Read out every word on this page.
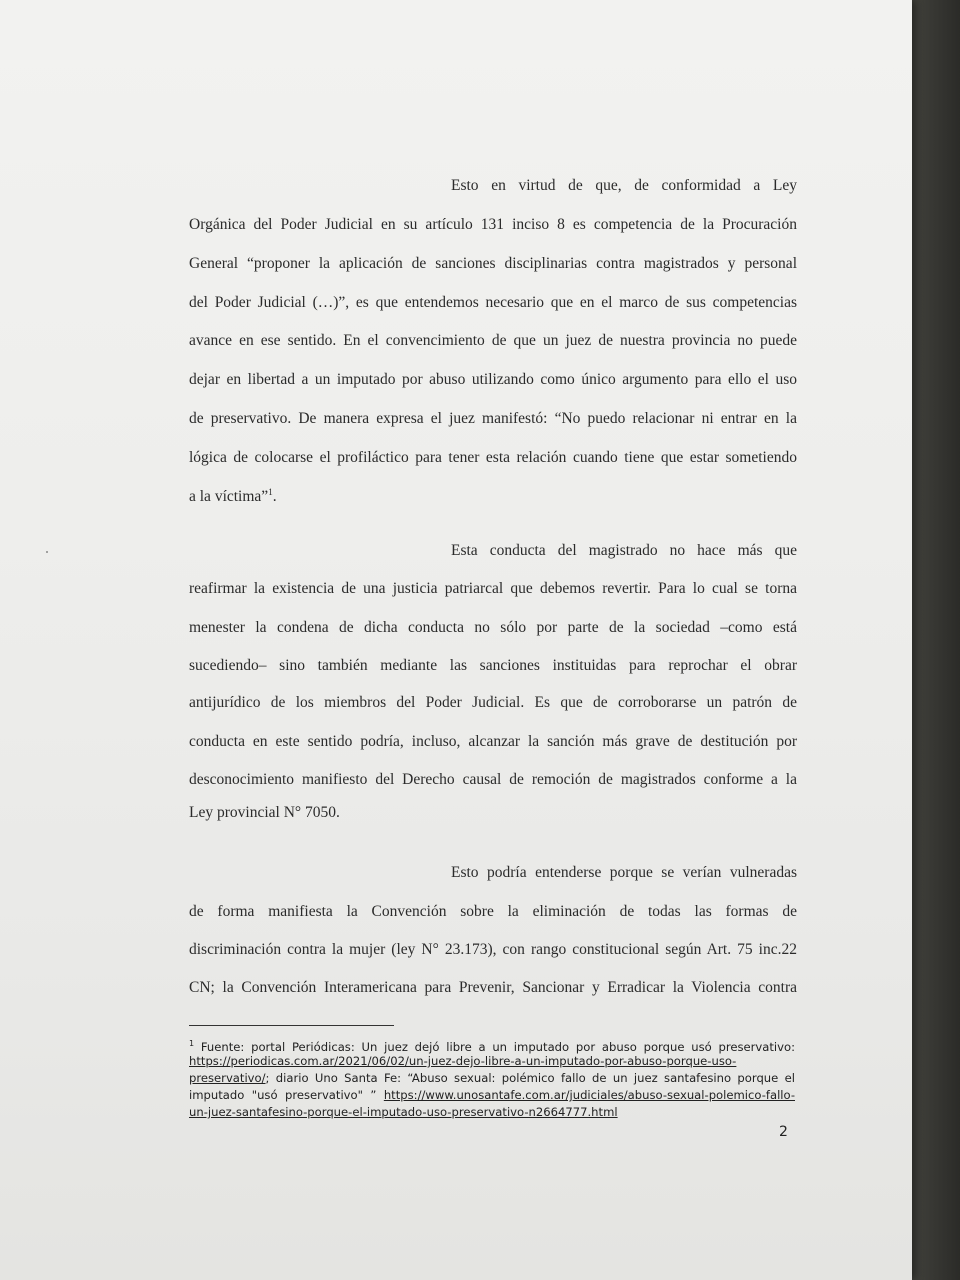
Esto en virtud de que, de conformidad a Ley
Orgánica del Poder Judicial en su artículo 131 inciso 8 es competencia de la Procuración
General “proponer la aplicación de sanciones disciplinarias contra magistrados y personal
del Poder Judicial (…)”, es que entendemos necesario que en el marco de sus competencias
avance en ese sentido. En el convencimiento de que un juez de nuestra provincia no puede
dejar en libertad a un imputado por abuso utilizando como único argumento para ello el uso
de preservativo. De manera expresa el juez manifestó: “No puedo relacionar ni entrar en la
lógica de colocarse el profiláctico para tener esta relación cuando tiene que estar sometiendo
a la víctima”$^1$.
Esta conducta del magistrado no hace más que
reafirmar la existencia de una justicia patriarcal que debemos revertir. Para lo cual se torna
menester la condena de dicha conducta no sólo por parte de la sociedad –como está
sucediendo– sino también mediante las sanciones instituidas para reprochar el obrar
antijurídico de los miembros del Poder Judicial. Es que de corroborarse un patrón de
conducta en este sentido podría, incluso, alcanzar la sanción más grave de destitución por
desconocimiento manifiesto del Derecho causal de remoción de magistrados conforme a la
Ley provincial N° 7050.
Esto podría entenderse porque se verían vulneradas
de forma manifiesta la Convención sobre la eliminación de todas las formas de
discriminación contra la mujer (ley N° 23.173), con rango constitucional según Art. 75 inc.22
CN; la Convención Interamericana para Prevenir, Sancionar y Erradicar la Violencia contra
$^1$ Fuente: portal Periódicas: Un juez dejó libre a un imputado por abuso porque usó preservativo:
https://periodicas.com.ar/2021/06/02/un-juez-dejo-libre-a-un-imputado-por-abuso-porque-uso-
preservativo/; diario Uno Santa Fe: “Abuso sexual: polémico fallo de un juez santafesino porque el
imputado "usó preservativo" ” https://www.unosantafe.com.ar/judiciales/abuso-sexual-polemico-fallo-
un-juez-santafesino-porque-el-imputado-uso-preservativo-n2664777.html
2
